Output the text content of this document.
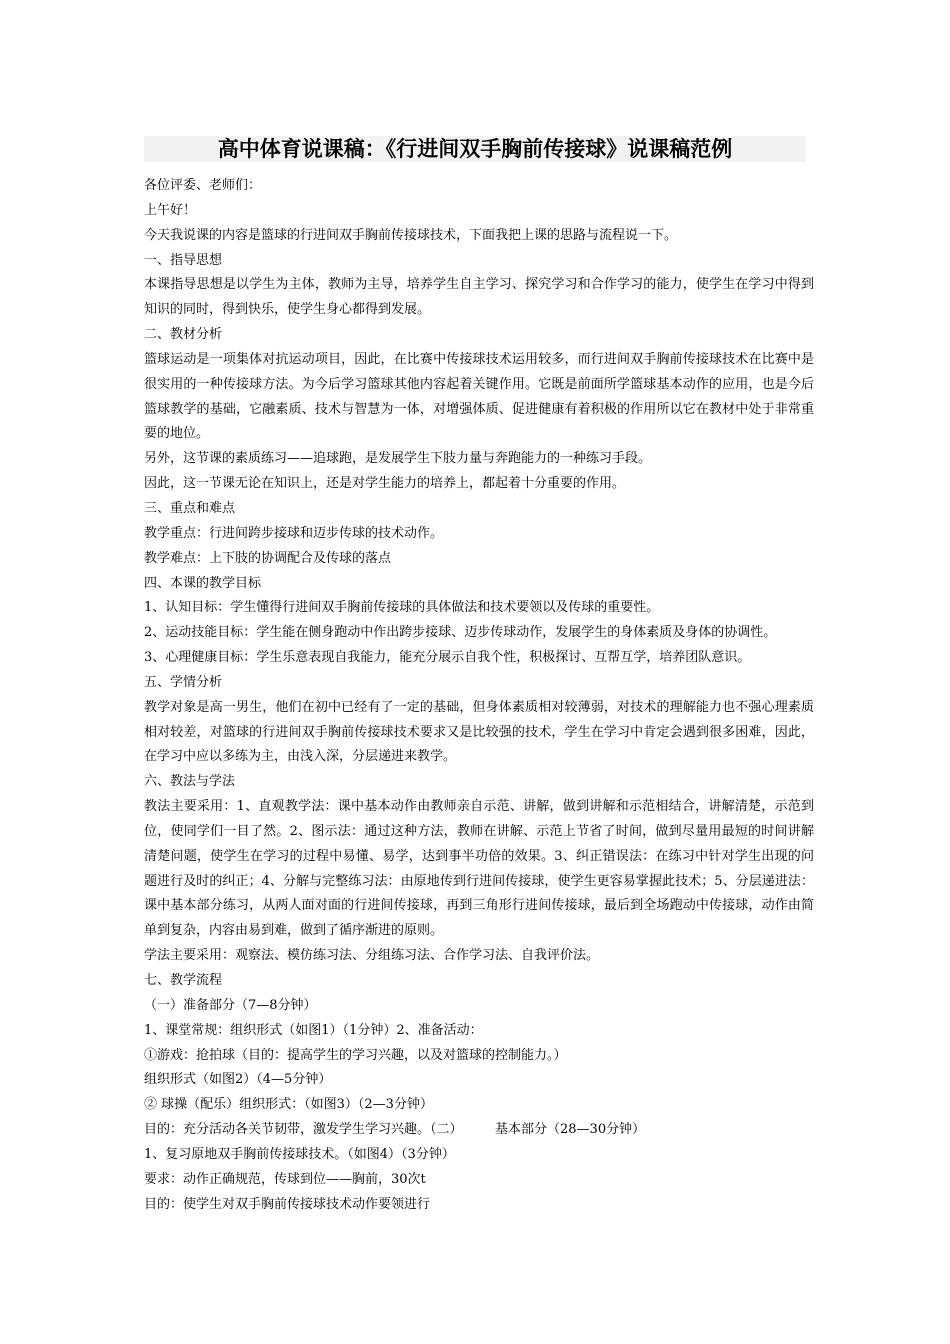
高中体育说课稿：《行进间双手胸前传接球》说课稿范例

各位评委、老师们：

上午好！

今天我说课的内容是篮球的行进间双手胸前传接球技术，下面我把上课的思路与流程说一下。

一、指导思想

本课指导思想是以学生为主体，教师为主导，培养学生自主学习、探究学习和合作学习的能力，使学生在学习中得到知识的同时，得到快乐，使学生身心都得到发展。

二、教材分析

篮球运动是一项集体对抗运动项目，因此，在比赛中传接球技术运用较多，而行进间双手胸前传接球技术在比赛中是很实用的一种传接球方法。为今后学习篮球其他内容起着关键作用。它既是前面所学篮球基本动作的应用，也是今后篮球教学的基础，它融素质、技术与智慧为一体，对增强体质、促进健康有着积极的作用所以它在教材中处于非常重要的地位。

另外，这节课的素质练习——追球跑，是发展学生下肢力量与奔跑能力的一种练习手段。

因此，这一节课无论在知识上，还是对学生能力的培养上，都起着十分重要的作用。

三、重点和难点

教学重点：行进间跨步接球和迈步传球的技术动作。

教学难点：上下肢的协调配合及传球的落点

四、本课的教学目标

1、认知目标：学生懂得行进间双手胸前传接球的具体做法和技术要领以及传球的重要性。

2、运动技能目标：学生能在侧身跑动中作出跨步接球、迈步传球动作，发展学生的身体素质及身体的协调性。

3、心理健康目标：学生乐意表现自我能力，能充分展示自我个性，积极探讨、互帮互学，培养团队意识。

五、学情分析

教学对象是高一男生，他们在初中已经有了一定的基础，但身体素质相对较薄弱，对技术的理解能力也不强心理素质相对较差，对篮球的行进间双手胸前传接球技术要求又是比较强的技术，学生在学习中肯定会遇到很多困难，因此，在学习中应以多练为主，由浅入深，分层递进来教学。

六、教法与学法

教法主要采用：1、直观教学法：课中基本动作由教师亲自示范、讲解，做到讲解和示范相结合，讲解清楚，示范到位，使同学们一目了然。2、图示法：通过这种方法，教师在讲解、示范上节省了时间，做到尽量用最短的时间讲解清楚问题，使学生在学习的过程中易懂、易学，达到事半功倍的效果。3、纠正错误法：在练习中针对学生出现的问题进行及时的纠正；4、分解与完整练习法：由原地传到行进间传接球，使学生更容易掌握此技术；5、分层递进法：课中基本部分练习，从两人面对面的行进间传接球，再到三角形行进间传接球，最后到全场跑动中传接球，动作由简单到复杂，内容由易到难，做到了循序渐进的原则。

学法主要采用：观察法、模仿练习法、分组练习法、合作学习法、自我评价法。

七、教学流程

（一）准备部分（7—8分钟）

1、课堂常规：组织形式（如图1）（1分钟）2、准备活动：

①游戏：抢拍球（目的：提高学生的学习兴趣，以及对篮球的控制能力。）

组织形式（如图2）（4—5分钟）

② 球操（配乐）组织形式：（如图3）（2—3分钟）

目的：充分活动各关节韧带，激发学生学习兴趣。（二）　　　基本部分（28—30分钟）

1、复习原地双手胸前传接球技术。（如图4）（3分钟）

要求：动作正确规范，传球到位——胸前，30次t

目的：使学生对双手胸前传接球技术动作要领进行
